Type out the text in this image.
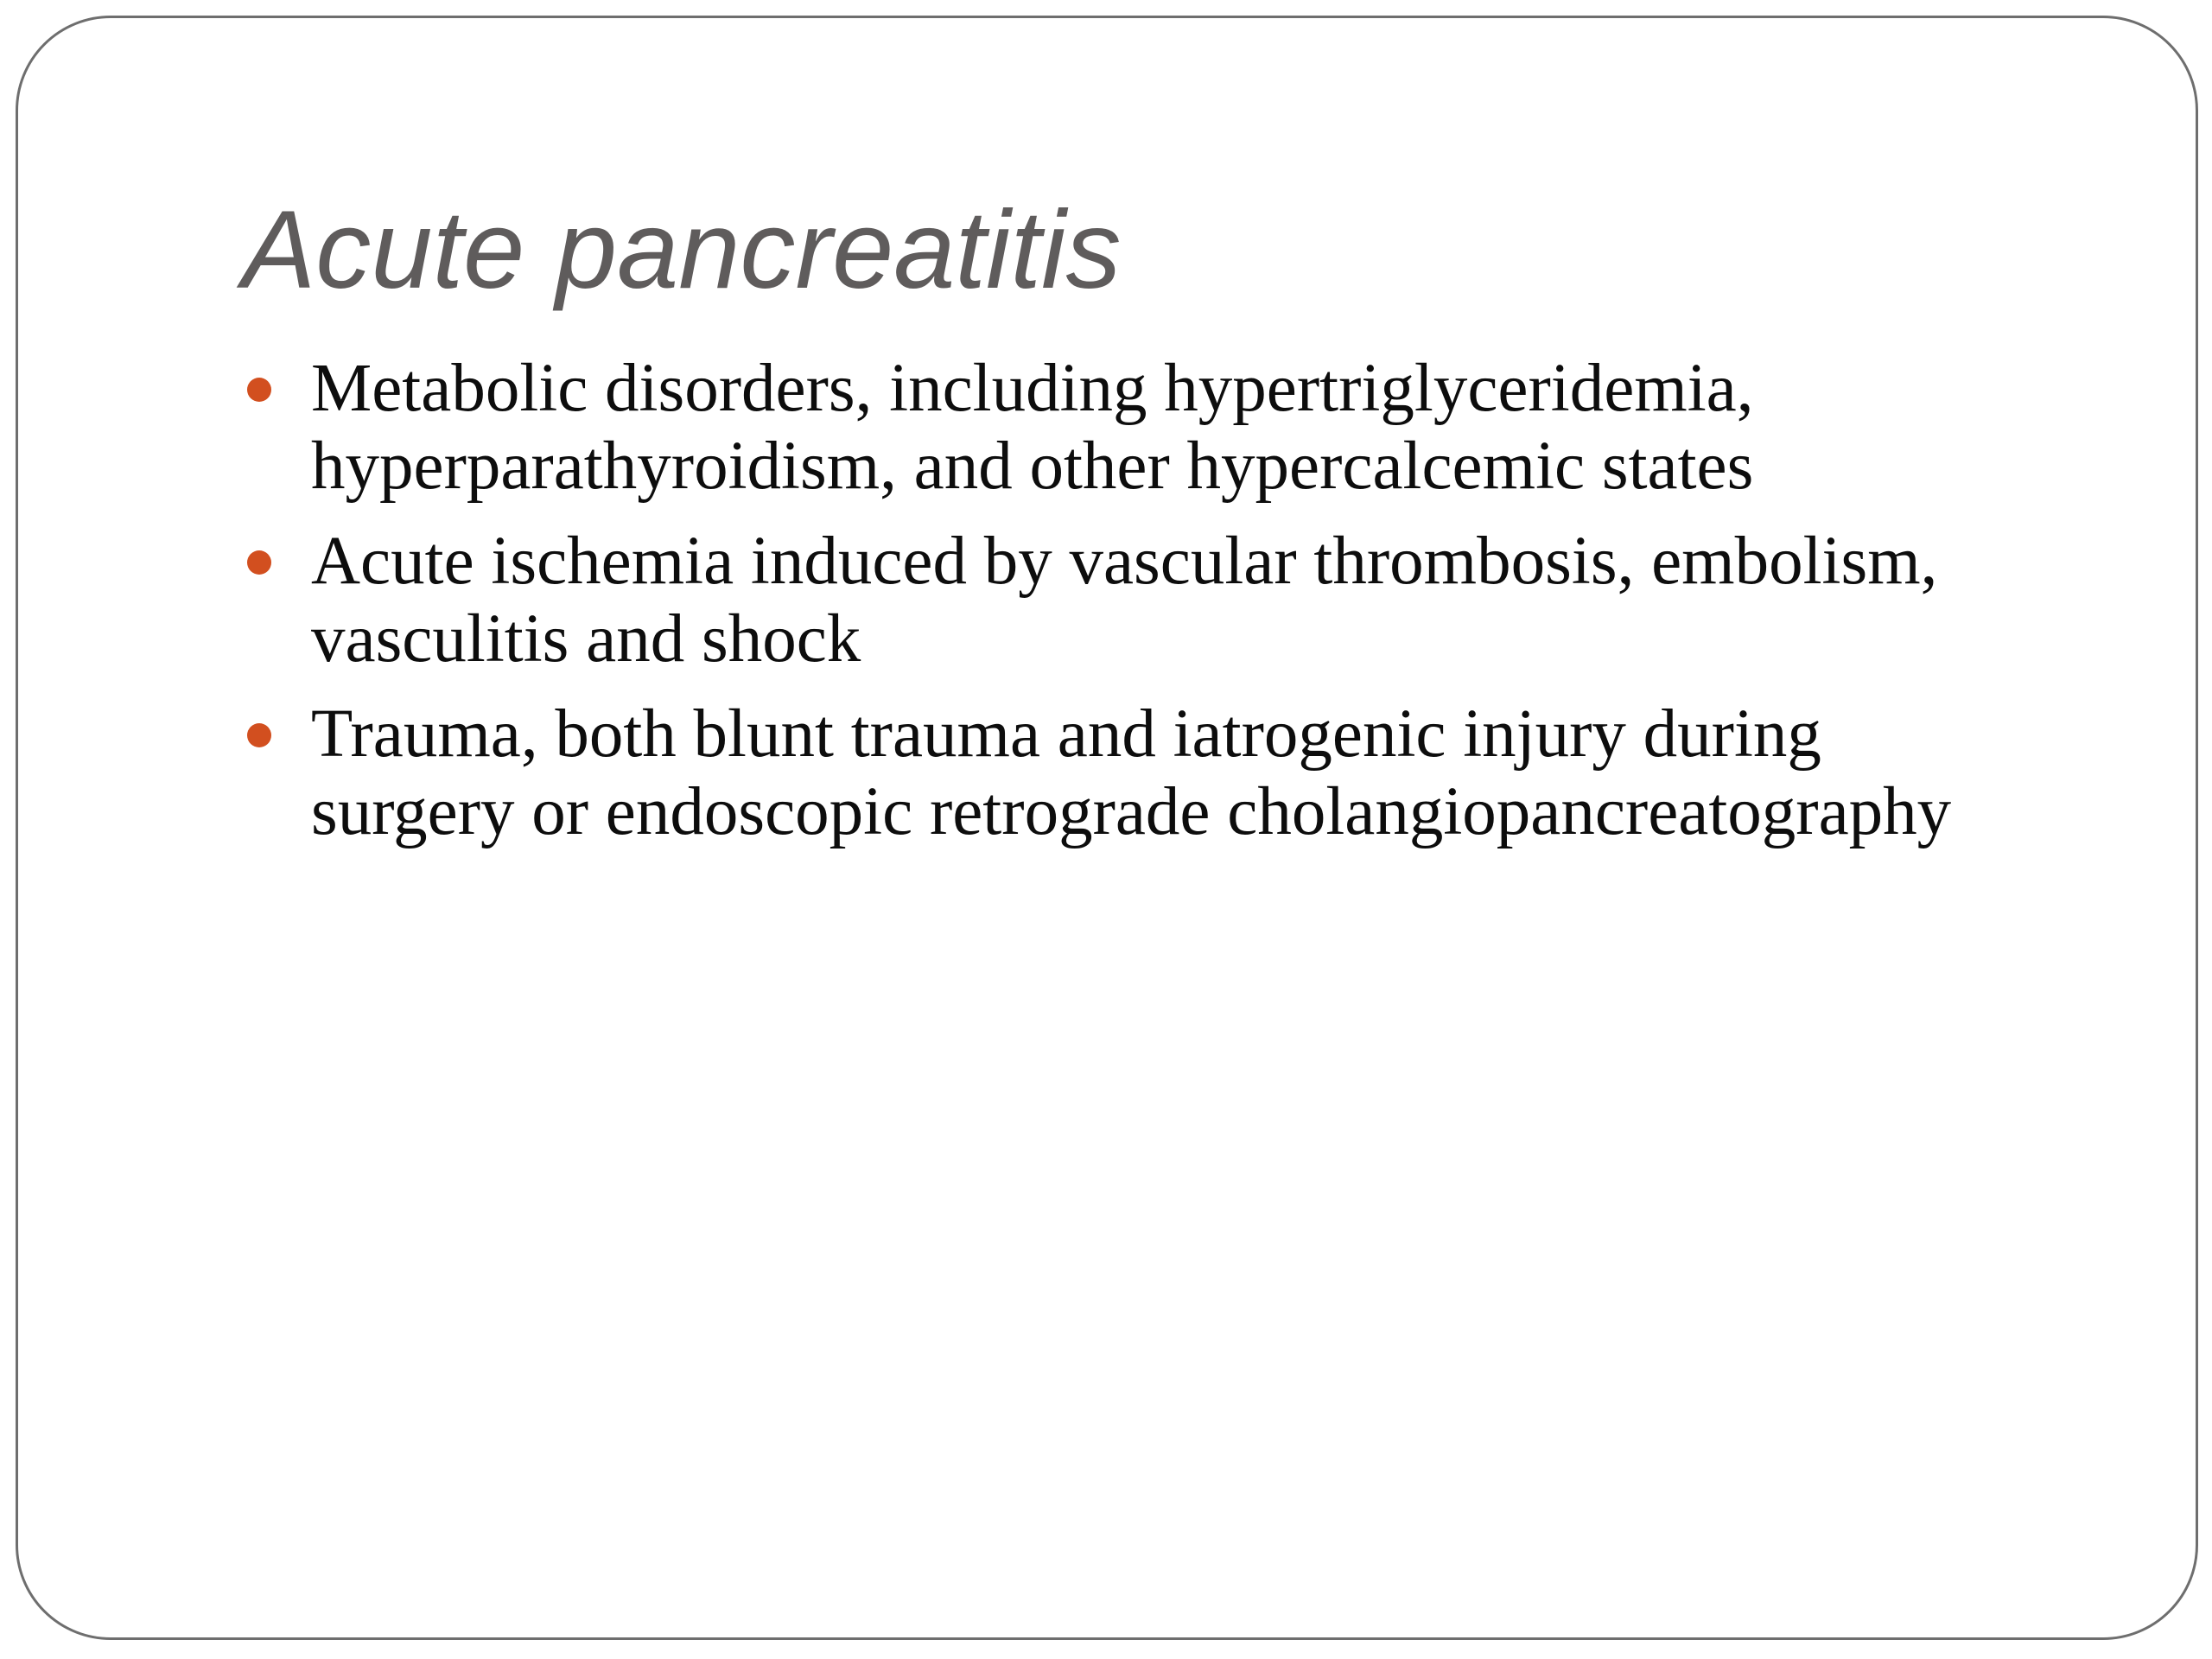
Acute pancreatitis
Metabolic disorders, including hypertriglyceridemia,
hyperparathyroidism, and other hypercalcemic states
Acute ischemia induced by vascular thrombosis, embolism,
vasculitis and shock
Trauma, both blunt trauma and iatrogenic injury during
surgery or endoscopic retrograde cholangiopancreatography
